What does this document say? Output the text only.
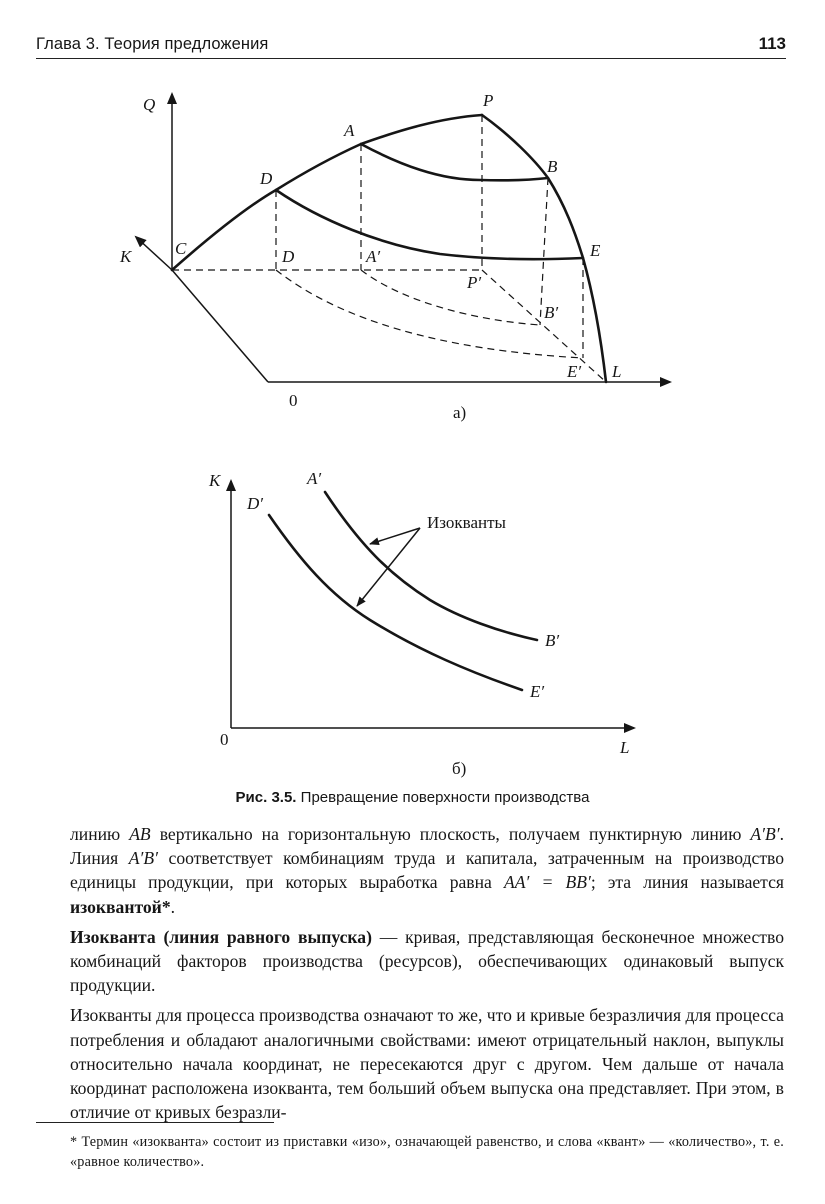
Глава 3. Теория предложения	113
Q
K
L
0
P
A
B
D
C	E
D	A′
P′
B′
E′
а)
K
L
0
A′
D′
B′
E′
Изокванты
б)
Рис. 3.5. Превращение поверхности производства

линию AB вертикально на горизонтальную плоскость, получаем пунктирную линию A′B′. Линия A′B′ соответствует комбинациям труда и капитала, затраченным на производство единицы продукции, при которых выработка равна AA′ = BB′; эта линия называется изоквантой*.

Изокванта (линия равного выпуска) — кривая, представляющая бесконечное множество комбинаций факторов производства (ресурсов), обеспечивающих одинаковый выпуск продукции.

Изокванты для процесса производства означают то же, что и кривые безразличия для процесса потребления и обладают аналогичными свойствами: имеют отрицательный наклон, выпуклы относительно начала координат, не пересекаются друг с другом. Чем дальше от начала координат расположена изокванта, тем больший объем выпуска она представляет. При этом, в отличие от кривых безразли-

* Термин «изокванта» состоит из приставки «изо», означающей равенство, и слова «квант» — «количество», т. е. «равное количество».
